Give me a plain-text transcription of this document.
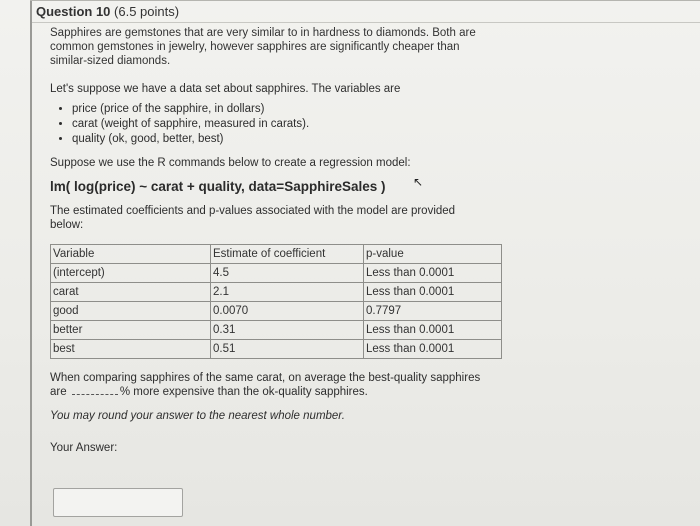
Question 10 (6.5 points)

Sapphires are gemstones that are very similar to in hardness to diamonds. Both are
common gemstones in jewelry, however sapphires are significantly cheaper than
similar-sized diamonds.

Let's suppose we have a data set about sapphires. The variables are
• price (price of the sapphire, in dollars)
• carat (weight of sapphire, measured in carats).
• quality (ok, good, better, best)
Suppose we use the R commands below to create a regression model:
lm( log(price) ~ carat + quality, data=SapphireSales )
The estimated coefficients and p-values associated with the model are provided
below:
Variable	Estimate of coefficient	p-value
(intercept)	4.5	Less than 0.0001
carat	2.1	Less than 0.0001
good	0.0070	0.7797
better	0.31	Less than 0.0001
best	0.51	Less than 0.0001
When comparing sapphires of the same carat, on average the best-quality sapphires
are	% more expensive than the ok-quality sapphires.
You may round your answer to the nearest whole number.
Your Answer:
↖
